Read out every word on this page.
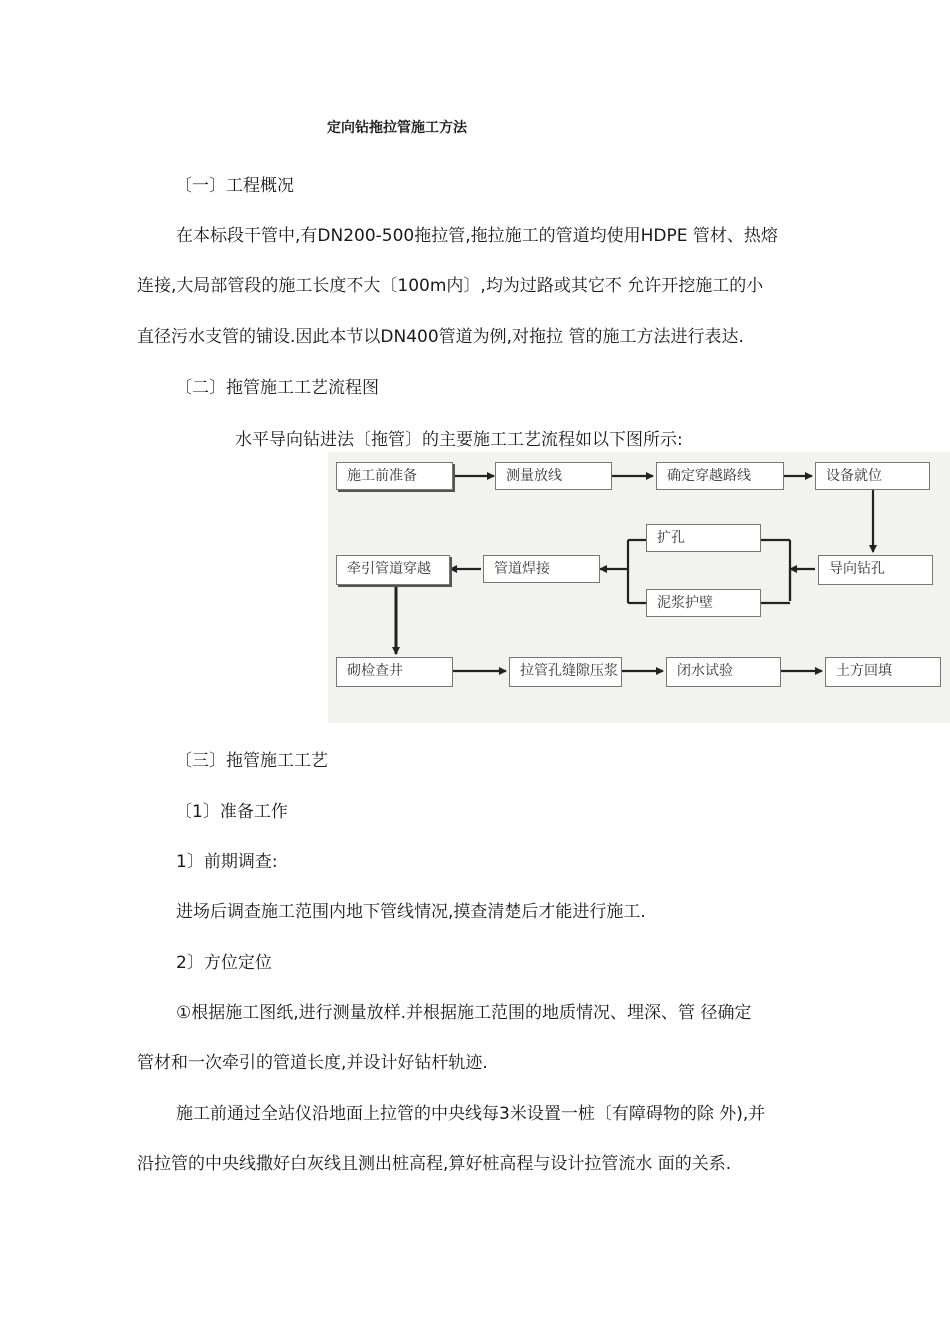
定向钻拖拉管施工方法
〔一〕工程概况
在本标段干管中,有DN200-500拖拉管,拖拉施工的管道均使用HDPE 管材、热熔
连接,大局部管段的施工长度不大〔100m内〕,均为过路或其它不 允许开挖施工的小
直径污水支管的铺设.因此本节以DN400管道为例,对拖拉 管的施工方法进行表达.
〔二〕拖管施工工艺流程图
水平导向钻进法〔拖管〕的主要施工工艺流程如以下图所示:
施工前准备	测量放线	确定穿越路线	设备就位
扩孔
导向钻孔
管道焊接
牵引管道穿越
泥浆护壁
砌检查井	拉管孔缝隙压浆	闭水试验	土方回填
〔三〕拖管施工工艺
〔1〕准备工作
1〕前期调查:
进场后调查施工范围内地下管线情况,摸查清楚后才能进行施工.
2〕方位定位
①根据施工图纸,进行测量放样.并根据施工范围的地质情况、埋深、管 径确定
管材和一次牵引的管道长度,并设计好钻杆轨迹.
施工前通过全站仪沿地面上拉管的中央线每3米设置一桩〔有障碍物的除 外),并
沿拉管的中央线撒好白灰线且测出桩高程,算好桩高程与设计拉管流水 面的关系.
